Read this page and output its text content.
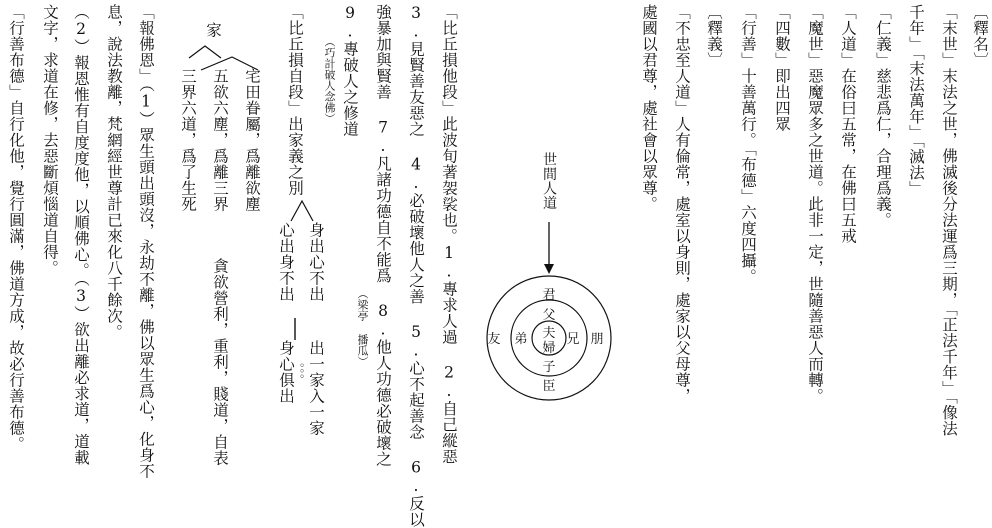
〔釋名〕
「末世」末法之世，佛滅後分法運爲三期，「正法千年」「像法
千年」「末法萬年」「滅法」
「仁義」慈悲爲仁，合理爲義。
「人道」在俗曰五常，在佛曰五戒
「魔世」惡魔眾多之世道。此非一定，世隨善惡人而轉。
「四數」即出四眾
「行善」十善萬行。「布德」六度四攝。
〔釋義〕
「不忠至人道」人有倫常，處室以身則，處家以父母尊，
處國以君尊，處社會以眾尊。
世間人道
君
臣
友	朋
父
子
弟	兄
夫
婦
「比丘損他段」此波旬著袈裟也。1.專求人過 2.自己縱惡
3.見賢善友惡之 4.必破壞他人之善 5.心不起善念 6.反以
強暴加與賢善 7.凡諸功德自不能爲 8.他人功德必破壞之
（梁亭 播瓜）
9.專破人之修道
（巧計破人念佛）
「比丘損自段」出家義之別
身出心不出
心出身不出
出一家入一家
身心俱出
。。。
宅田眷屬，爲離欲塵
五欲六塵，爲離三界
貪欲營利，重利，賤道，自表
三界六道，爲了生死
家
「報佛恩」（1）眾生頭出頭沒，永劫不離，佛以眾生爲心，化身不
息，說法教離，梵網經世尊計已來化八千餘次。
（2）報恩惟有自度度他，以順佛心。（3）欲出離必求道，道載
文字，求道在修，去惡斷煩惱道自得。
「行善布德」自行化他，覺行圓滿，佛道方成，故必行善布德。
